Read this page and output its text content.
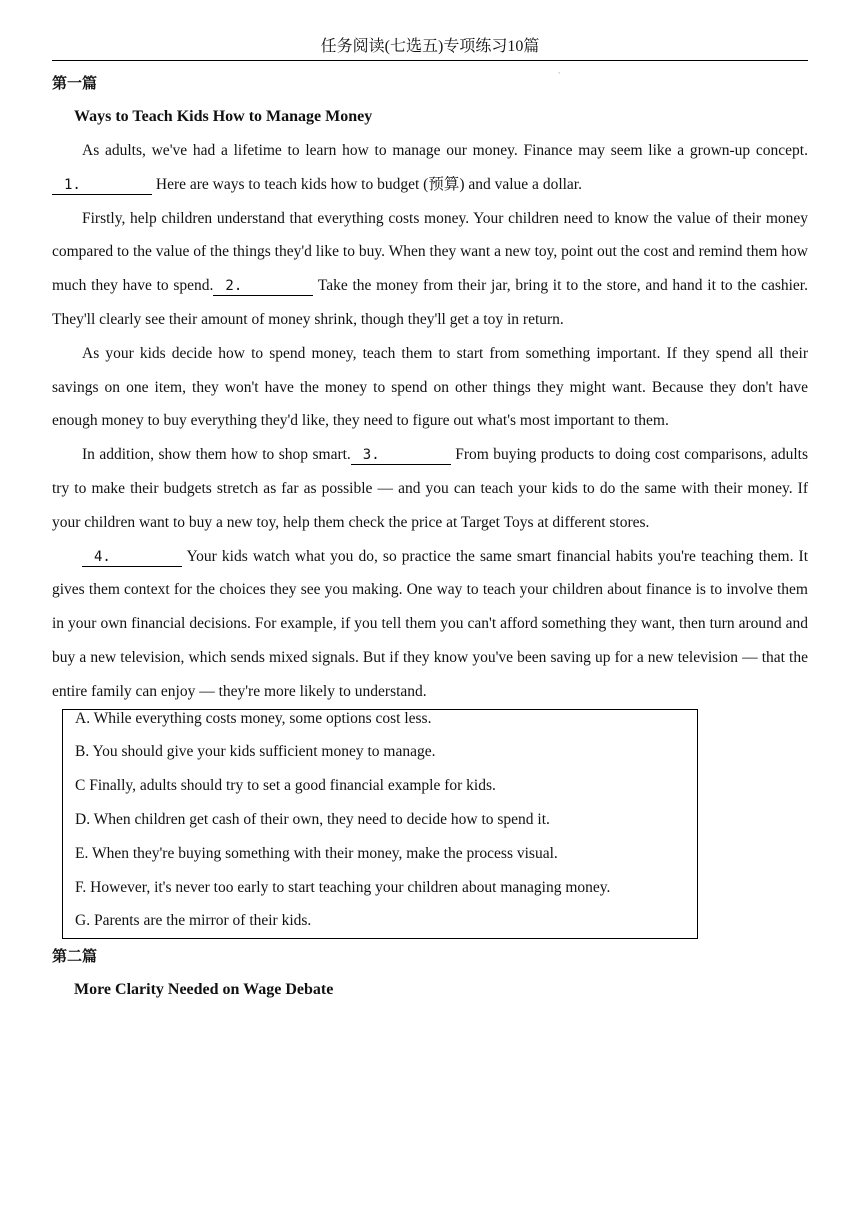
任务阅读(七选五)专项练习10篇
、
第一篇
Ways to Teach Kids How to Manage Money

As adults, we've had a lifetime to learn how to manage our money. Finance may seem like a grown-up concept.1.	Here are ways to teach kids how to budget (预算) and value a dollar.

Firstly, help children understand that everything costs money. Your children need to know the value of their money compared to the value of the things they'd like to buy. When they want a new toy, point out the cost and remind them how much they have to spend. 2.	Take the money from their jar, bring it to the store, and hand it to the cashier. They'll clearly see their amount of money shrink, though they'll get a toy in return.

As your kids decide how to spend money, teach them to start from something important. If they spend all their savings on one item, they won't have the money to spend on other things they might want. Because they don't have enough money to buy everything they'd like, they need to figure out what's most important to them.

In addition, show them how to shop smart. 3.	From buying products to doing cost comparisons, adults try to make their budgets stretch as far as possible — and you can teach your kids to do the same with their money. If your children want to buy a new toy, help them check the price at Target Toys at different stores.

4.	Your kids watch what you do, so practice the same smart financial habits you're teaching them. It gives them context for the choices they see you making. One way to teach your children about finance is to involve them in your own financial decisions. For example, if you tell them you can't afford something they want, then turn around and buy a new television, which sends mixed signals. But if they know you've been saving up for a new television — that the entire family can enjoy — they're more likely to understand.

A. While everything costs money, some options cost less.
B. You should give your kids sufficient money to manage.
C Finally, adults should try to set a good financial example for kids.
D. When children get cash of their own, they need to decide how to spend it.
E. When they're buying something with their money, make the process visual.
F. However, it's never too early to start teaching your children about managing money.
G. Parents are the mirror of their kids.
第二篇
More Clarity Needed on Wage Debate
